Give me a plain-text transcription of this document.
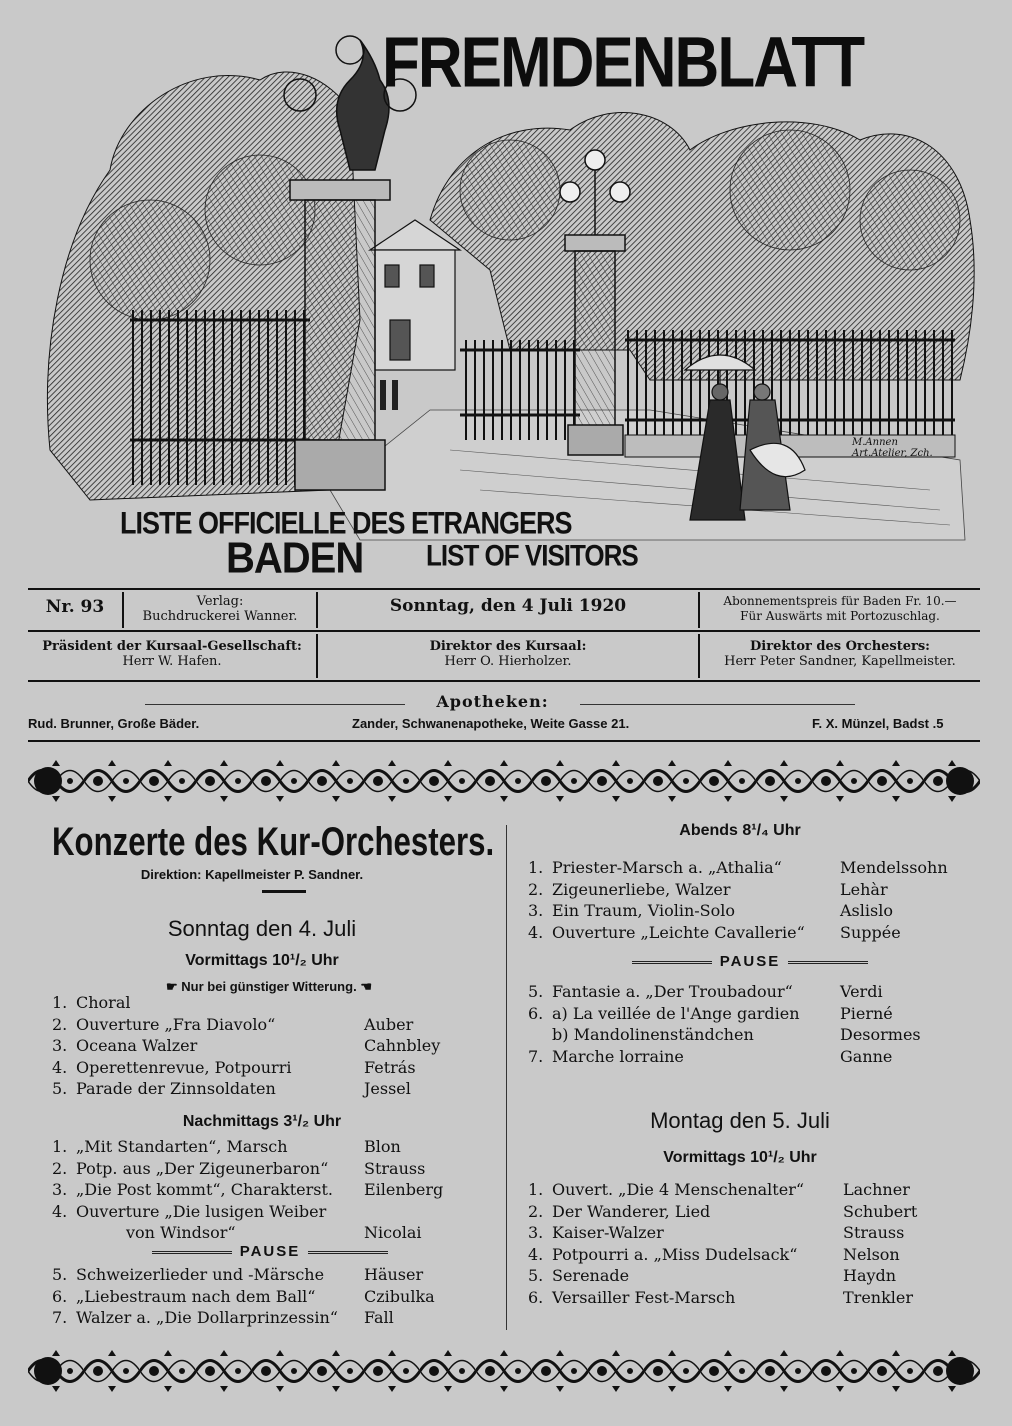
FREMDENBLATT
LISTE OFFICIELLE DES ETRANGERS
BADEN LIST OF VISITORS
M.Annen
Art.Atelier, Zch.
Nr. 93	Verlag:
Buchdruckerei Wanner.
Sonntag, den 4 Juli 1920	Abonnementspreis für Baden Fr. 10.—
Für Auswärts mit Portozuschlag.
Präsident der Kursaal-Gesellschaft:
Herr W. Hafen.
Direktor des Kursaal:
Herr O. Hierholzer.
Direktor des Orchesters:
Herr Peter Sandner, Kapellmeister.
Apotheken:
Rud. Brunner, Große Bäder.	Zander, Schwanenapotheke, Weite Gasse 21.	F. X. Münzel, Badst .5
Konzerte des Kur-Orchesters.
Direktion: Kapellmeister P. Sandner.
Sonntag den 4. Juli
Vormittags 10¹/₂ Uhr
☛ Nur bei günstiger Witterung. ☚
1. Choral
2. Ouverture „Fra Diavolo“	Auber
3. Oceana Walzer	Cahnbley
4. Operettenrevue, Potpourri	Fetrás
5. Parade der Zinnsoldaten	Jessel
Nachmittags 3¹/₂ Uhr
1. „Mit Standarten“, Marsch	Blon
2. Potp. aus „Der Zigeunerbaron“ Strauss
3. „Die Post kommt“, Charakterst. Eilenberg
4. Ouverture „Die lusigen Weiber
von Windsor“	Nicolai
5. Schweizerlieder und -Märsche Häuser
6. „Liebestraum nach dem Ball“	Czibulka
7. Walzer a. „Die Dollarprinzessin“ Fall
PAUSE
Abends 8¹/₄ Uhr
1. Priester-Marsch a. „Athalia“	Mendelssohn
2. Zigeunerliebe, Walzer	Lehàr
3. Ein Traum, Violin-Solo	Aslislo
4. Ouverture „Leichte Cavallerie“ Suppée
5. Fantasie a. „Der Troubadour“	Verdi
6. a) La veillée de l'Ange gardien	Pierné
b) Mandolinenständchen	Desormes
7. Marche lorraine	Ganne
PAUSE
Montag den 5. Juli
Vormittags 10¹/₂ Uhr
1. Ouvert. „Die 4 Menschenalter“ Lachner
2. Der Wanderer, Lied	Schubert
3. Kaiser-Walzer	Strauss
4. Potpourri a. „Miss Dudelsack“	Nelson
5. Serenade	Haydn
6. Versailler Fest-Marsch	Trenkler
